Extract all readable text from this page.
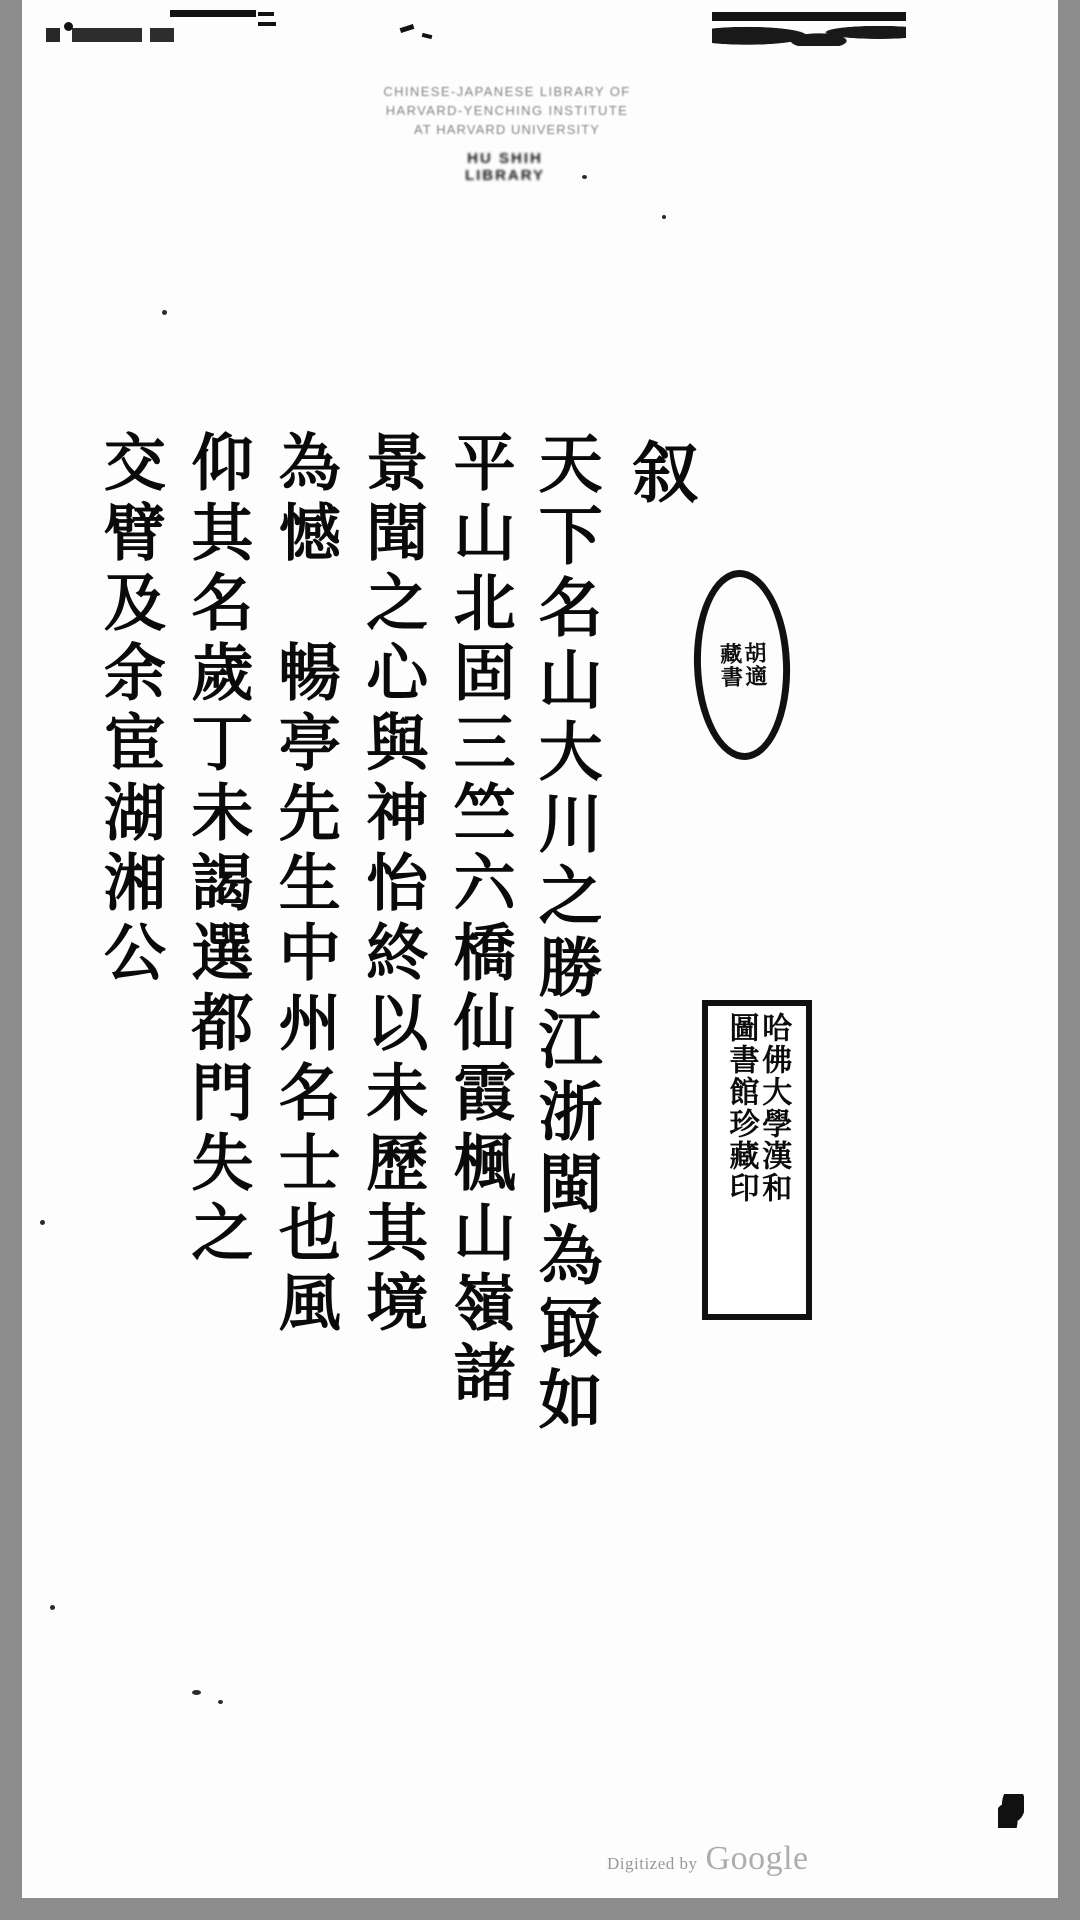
CHINESE-JAPANESE LIBRARY OF
HARVARD-YENCHING INSTITUTE
AT HARVARD UNIVERSITY
HU SHIH LIBRARY
胡適
藏書
哈佛大學漢和
圖書館珍藏印
叙
天下名山大川之勝江浙閩為冣如
平山北固三竺六橋仙霞楓山嶺諸
景聞之心與神怡終以未歷其境
為憾　暢亭先生中州名士也風
仰其名歲丁未謁選都門失之
交臂及余宦湖湘公
Digitized by Google
